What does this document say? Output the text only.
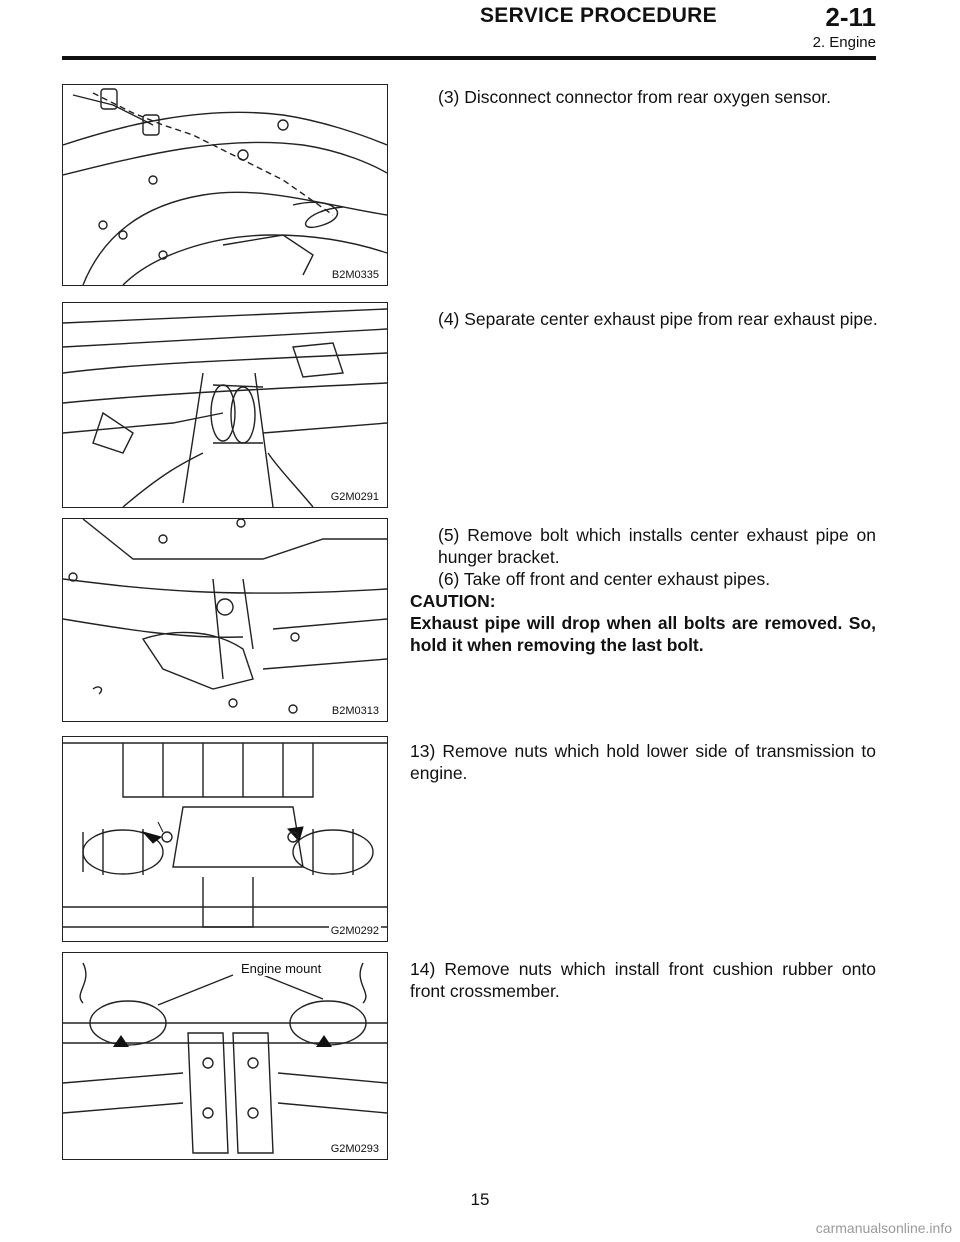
SERVICE PROCEDURE	2-11
2. Engine
B2M0335
(3) Disconnect connector from rear oxygen sensor.
G2M0291
(4) Separate center exhaust pipe from rear exhaust pipe.
B2M0313
(5) Remove bolt which installs center exhaust pipe on hunger bracket.
(6) Take off front and center exhaust pipes.
CAUTION:
Exhaust pipe will drop when all bolts are removed. So, hold it when removing the last bolt.
G2M0292
13) Remove nuts which hold lower side of transmission to engine.
Engine mount
G2M0293
14) Remove nuts which install front cushion rubber onto front crossmember.
15
carmanualsonline.info
